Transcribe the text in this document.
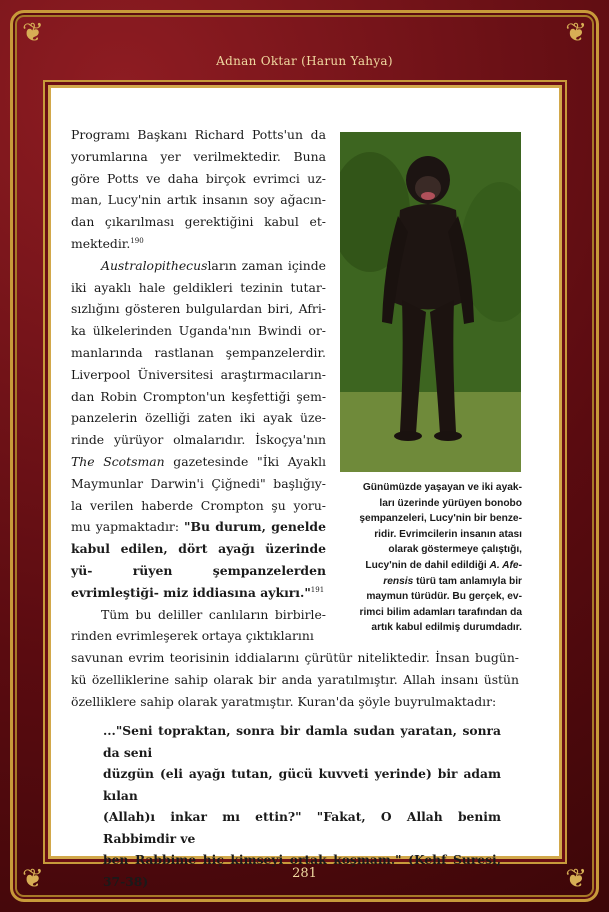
❦	❦
❦	❦
Adnan Oktar (Harun Yahya)

Programı Başkanı Richard Potts'un da yorumlarına yer verilmektedir. Buna göre Potts ve daha birçok evrimci uz- man, Lucy'nin artık insanın soy ağacın- dan çıkarılması gerektiğini kabul et- mektedir.$^{190}$

Australopithecusların zaman içinde iki ayaklı hale geldikleri tezinin tutar- sızlığını gösteren bulgulardan biri, Afri- ka ülkelerinden Uganda'nın Bwindi or- manlarında rastlanan şempanzelerdir. Liverpool Üniversitesi araştırmacıların- dan Robin Crompton'un keşfettiği şem- panzelerin özelliği zaten iki ayak üze- rinde yürüyor olmalarıdır. İskoçya'nın The Scotsman gazetesinde "İki Ayaklı Maymunlar Darwin'i Çiğnedi" başlığıy- la verilen haberde Crompton şu yoru- mu yapmaktadır: "Bu durum, genelde kabul edilen, dört ayağı üzerinde yü-	rüyen şempanzelerden evrimleştiği- miz iddiasına aykırı."$^{191}$

Tüm bu deliller canlıların birbirle- rinden evrimleşerek ortaya çıktıklarını

savunan evrim teorisinin iddialarını çürütür niteliktedir. İnsan bugün- kü özelliklerine sahip olarak bir anda yaratılmıştır. Allah insanı üstün özelliklere sahip olarak yaratmıştır. Kuran'da şöyle buyrulmaktadır:

Günümüzde yaşayan ve iki ayak-
ları üzerinde yürüyen bonobo
şempanzeleri, Lucy'nin bir benze-
ridir. Evrimcilerin insanın atası
olarak göstermeye çalıştığı,
Lucy'nin de dahil edildiği A. Afe-
rensis türü tam anlamıyla bir
maymun türüdür. Bu gerçek, ev-
rimci bilim adamları tarafından da
artık kabul edilmiş durumdadır.
..."Seni topraktan, sonra bir damla sudan yaratan, sonra da seni
düzgün (eli ayağı tutan, gücü kuvveti yerinde) bir adam kılan
(Allah)ı inkar mı ettin?" "Fakat, O Allah benim Rabbimdir ve
ben Rabbime hiç kimseyi ortak koşmam." (Kehf Suresi, 37-38)	281
